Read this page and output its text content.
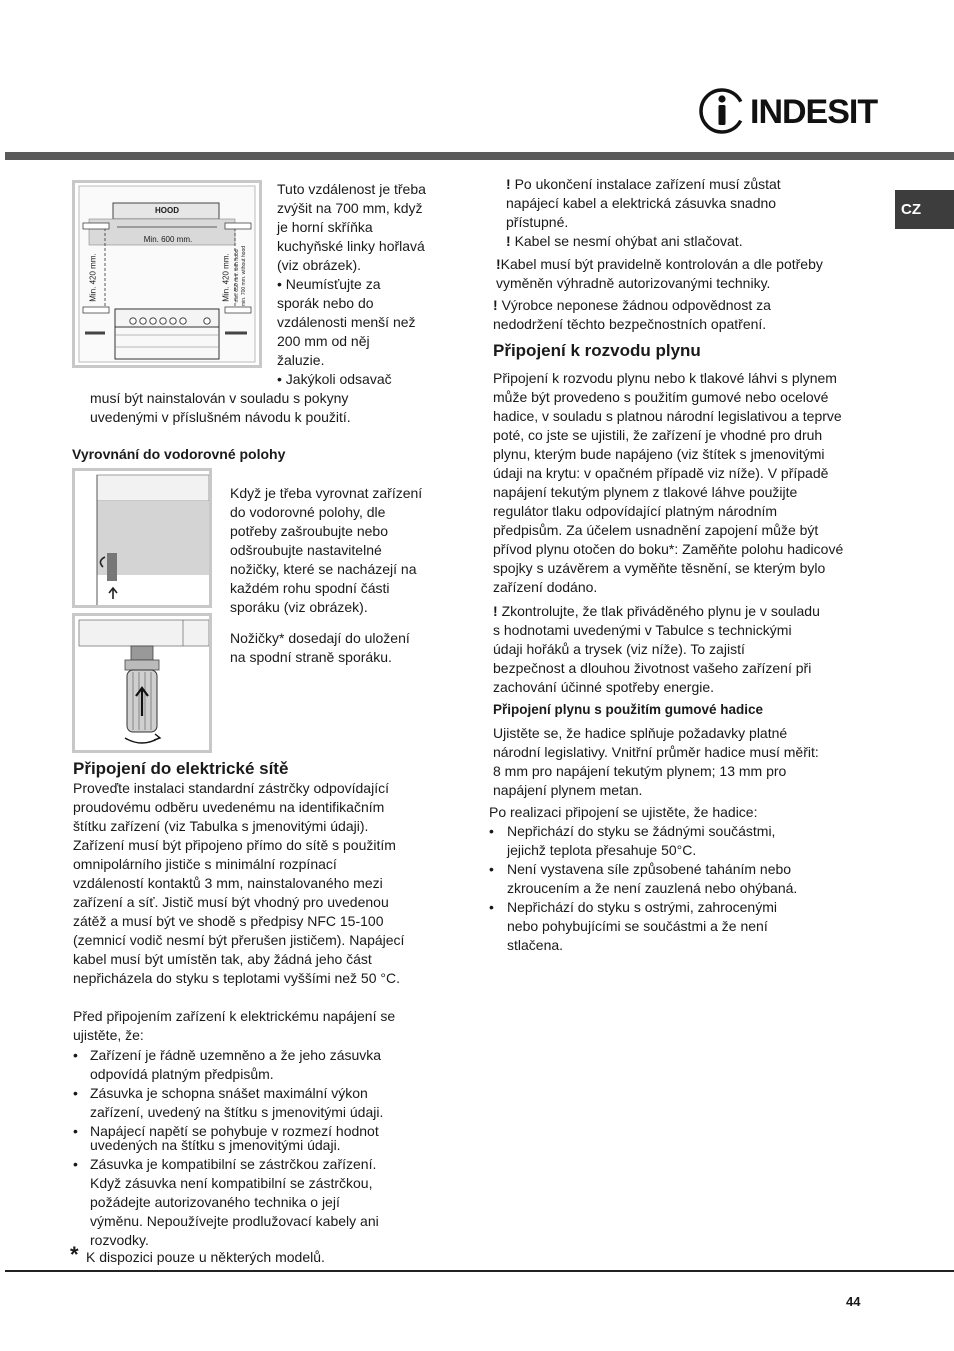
INDESIT
CZ
HOOD
Min. 600 mm.
Min. 420 mm.	Min. 420 mm. min. 650 mm. with hood min. 700 mm. without hood
Tuto vzdálenost je třeba
zvýšit na 700 mm, když
je horní skříňka
kuchyňské linky hořlavá
(viz obrázek).
• Neumísťujte za
sporák nebo do
vzdálenosti menší než
200 mm od něj
žaluzie.
• Jakýkoli odsavač
musí být nainstalován v souladu s pokyny
uvedenými v příslušném návodu k použití.
Vyrovnání do vodorovné polohy
Když je třeba vyrovnat zařízení
do vodorovné polohy, dle
potřeby zašroubujte nebo
odšroubujte nastavitelné
nožičky, které se nacházejí na
každém rohu spodní části
sporáku (viz obrázek).
Nožičky* dosedají do uložení
na spodní straně sporáku.
Připojení do elektrické sítě
Proveďte instalaci standardní zástrčky odpovídající
proudovému odběru uvedenému na identifikačním
štítku zařízení (viz Tabulka s jmenovitými údaji).
Zařízení musí být připojeno přímo do sítě s použitím
omnipolárního jističe s minimální rozpínací
vzdáleností kontaktů 3 mm, nainstalovaného mezi
zařízení a síť. Jistič musí být vhodný pro uvedenou
zátěž a musí být ve shodě s předpisy NFC 15-100
(zemnicí vodič nesmí být přerušen jističem). Napájecí
kabel musí být umístěn tak, aby žádná jeho část
nepřicházela do styku s teplotami vyššími než 50 °C.
Před připojením zařízení k elektrickému napájení se
ujistěte, že:
• Zařízení je řádně uzemněno a že jeho zásuvka
odpovídá platným předpisům.
• Zásuvka je schopna snášet maximální výkon
zařízení, uvedený na štítku s jmenovitými údaji.
• Napájecí napětí se pohybuje v rozmezí hodnot
uvedených na štítku s jmenovitými údaji.
• Zásuvka je kompatibilní se zástrčkou zařízení.
Když zásuvka není kompatibilní se zástrčkou,
požádejte autorizovaného technika o její
výměnu. Nepoužívejte prodlužovací kabely ani
rozvodky.
* K dispozici pouze u některých modelů.
! Po ukončení instalace zařízení musí zůstat
napájecí kabel a elektrická zásuvka snadno
přístupné.
! Kabel se nesmí ohýbat ani stlačovat.
!Kabel musí být pravidelně kontrolován a dle potřeby
vyměněn výhradně autorizovanými techniky.
! Výrobce neponese žádnou odpovědnost za
nedodržení těchto bezpečnostních opatření.
Připojení k rozvodu plynu
Připojení k rozvodu plynu nebo k tlakové láhvi s plynem
může být provedeno s použitím gumové nebo ocelové
hadice, v souladu s platnou národní legislativou a teprve
poté, co jste se ujistili, že zařízení je vhodné pro druh
plynu, kterým bude napájeno (viz štítek s jmenovitými
údaji na krytu: v opačném případě viz níže). V případě
napájení tekutým plynem z tlakové láhve použijte
regulátor tlaku odpovídající platným národním
předpisům. Za účelem usnadnění zapojení může být
přívod plynu otočen do boku*: Zaměňte polohu hadicové
spojky s uzávěrem a vyměňte těsnění, se kterým bylo
zařízení dodáno.
! Zkontrolujte, že tlak přiváděného plynu je v souladu
s hodnotami uvedenými v Tabulce s technickými
údaji hořáků a trysek (viz níže). To zajistí
bezpečnost a dlouhou životnost vašeho zařízení při
zachování účinné spotřeby energie.
Připojení plynu s použitím gumové hadice
Ujistěte se, že hadice splňuje požadavky platné
národní legislativy. Vnitřní průměr hadice musí měřit:
8 mm pro napájení tekutým plynem; 13 mm pro
napájení plynem metan.
Po realizaci připojení se ujistěte, že hadice:
• Nepřichází do styku se žádnými součástmi,
jejichž teplota přesahuje 50°C.
• Není vystavena síle způsobené taháním nebo
zkroucením a že není zauzlená nebo ohýbaná.
• Nepřichází do styku s ostrými, zahrocenými
nebo pohybujícími se součástmi a že není
stlačena.
44
